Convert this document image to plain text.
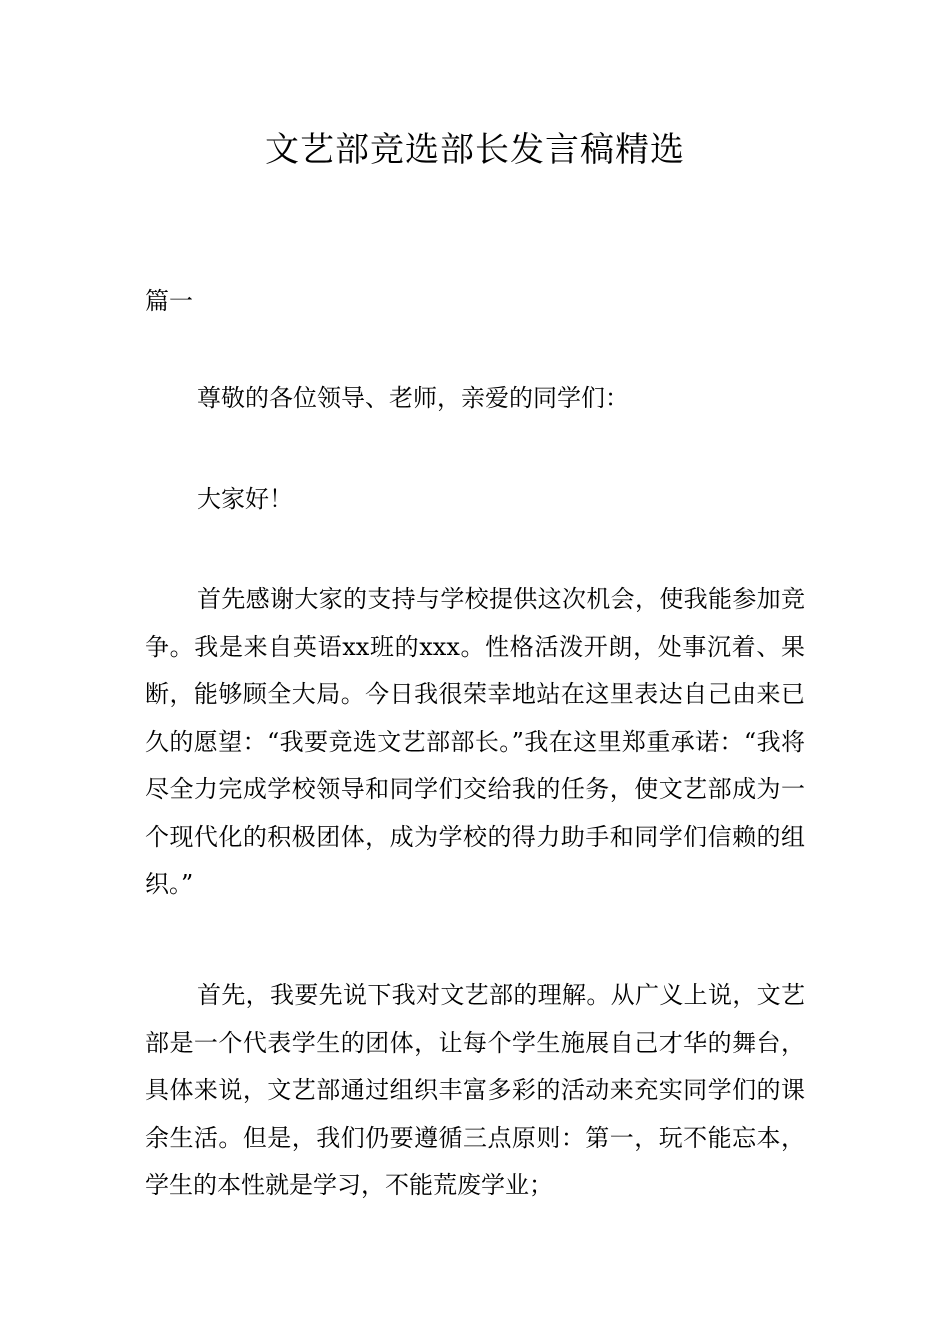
文艺部竞选部长发言稿精选

篇一

尊敬的各位领导、老师，亲爱的同学们：

大家好！

首先感谢大家的支持与学校提供这次机会，使我能参加竞争。我是来自英语xx班的xxx。性格活泼开朗，处事沉着、果断，能够顾全大局。今日我很荣幸地站在这里表达自己由来已久的愿望：“我要竞选文艺部部长。”我在这里郑重承诺：“我将尽全力完成学校领导和同学们交给我的任务，使文艺部成为一个现代化的积极团体，成为学校的得力助手和同学们信赖的组织。”

首先，我要先说下我对文艺部的理解。从广义上说，文艺部是一个代表学生的团体，让每个学生施展自己才华的舞台，具体来说，文艺部通过组织丰富多彩的活动来充实同学们的课余生活。但是，我们仍要遵循三点原则：第一，玩不能忘本，学生的本性就是学习，不能荒废学业；
